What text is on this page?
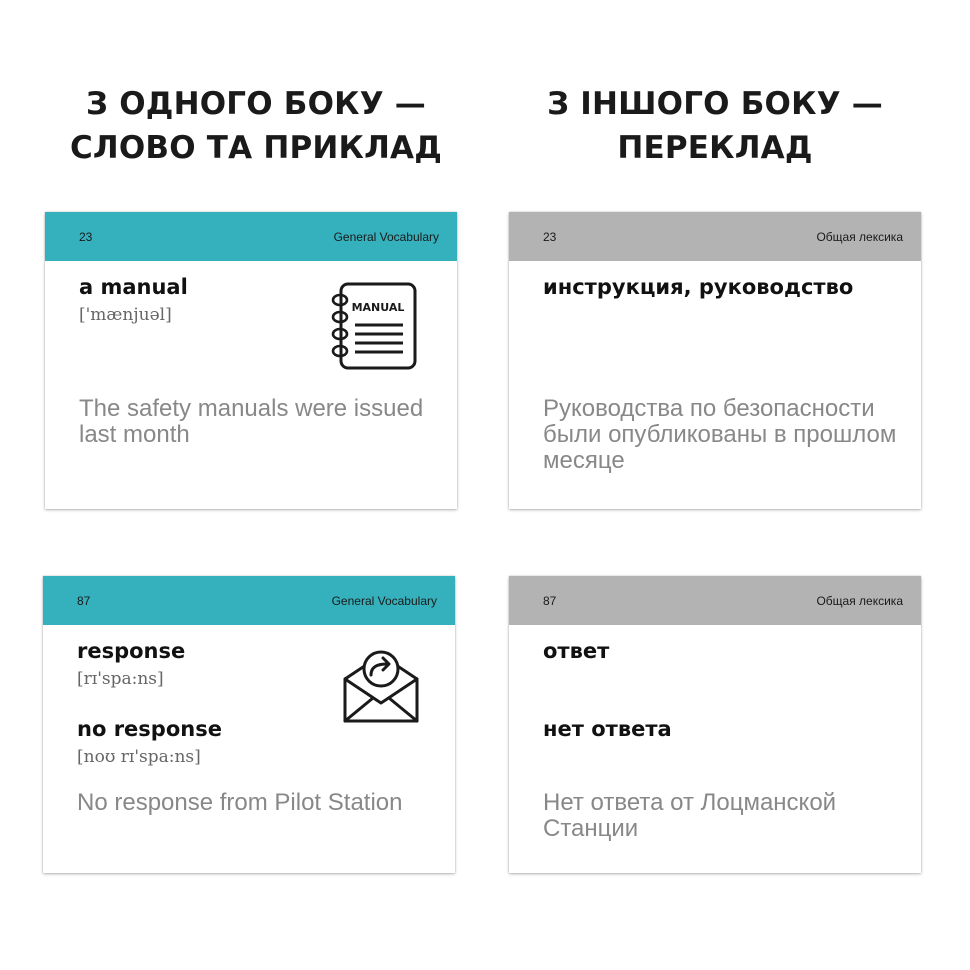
З ОДНОГО БОКУ —
СЛОВО ТА ПРИКЛАД
З ІНШОГО БОКУ —
ПЕРЕКЛАД
23	General Vocabulary
a manual
['mænjuəl]	MANUAL
The safety manuals were issued last month
23	Общая лексика
инструкция, руководство
Руководства по безопасности были опубликованы в прошлом месяце
87	General Vocabulary
response
[rɪ'spa:ns]
no response
[noʊ rɪ'spa:ns]
No response from Pilot Station
87	Общая лексика
ответ
нет ответа
Нет ответа от Лоцманской Станции
